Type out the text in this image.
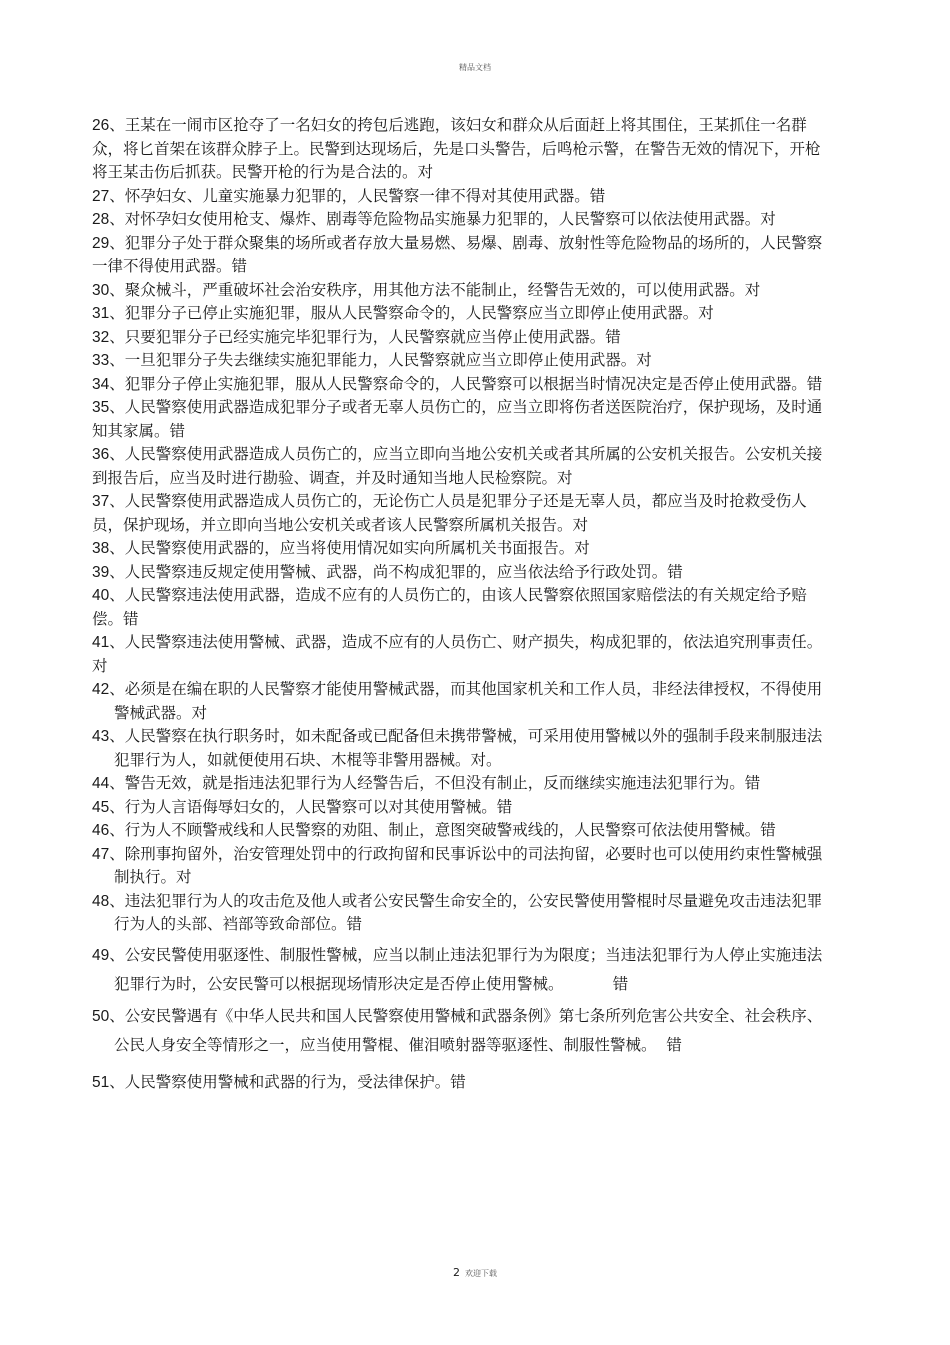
精品文档

26、王某在一闹市区抢夺了一名妇女的挎包后逃跑，该妇女和群众从后面赶上将其围住，王某抓住一名群众，将匕首架在该群众脖子上。民警到达现场后，先是口头警告，后鸣枪示警，在警告无效的情况下，开枪将王某击伤后抓获。民警开枪的行为是合法的。对

27、怀孕妇女、儿童实施暴力犯罪的，人民警察一律不得对其使用武器。错

28、对怀孕妇女使用枪支、爆炸、剧毒等危险物品实施暴力犯罪的，人民警察可以依法使用武器。对

29、犯罪分子处于群众聚集的场所或者存放大量易燃、易爆、剧毒、放射性等危险物品的场所的，人民警察一律不得使用武器。错

30、聚众械斗，严重破坏社会治安秩序，用其他方法不能制止，经警告无效的，可以使用武器。对

31、犯罪分子已停止实施犯罪，服从人民警察命令的，人民警察应当立即停止使用武器。对

32、只要犯罪分子已经实施完毕犯罪行为，人民警察就应当停止使用武器。错

33、一旦犯罪分子失去继续实施犯罪能力，人民警察就应当立即停止使用武器。对

34、犯罪分子停止实施犯罪，服从人民警察命令的，人民警察可以根据当时情况决定是否停止使用武器。错

35、人民警察使用武器造成犯罪分子或者无辜人员伤亡的，应当立即将伤者送医院治疗，保护现场，及时通知其家属。错

36、人民警察使用武器造成人员伤亡的，应当立即向当地公安机关或者其所属的公安机关报告。公安机关接到报告后，应当及时进行勘验、调查，并及时通知当地人民检察院。对

37、人民警察使用武器造成人员伤亡的，无论伤亡人员是犯罪分子还是无辜人员，都应当及时抢救受伤人员，保护现场，并立即向当地公安机关或者该人民警察所属机关报告。对

38、人民警察使用武器的，应当将使用情况如实向所属机关书面报告。对

39、人民警察违反规定使用警械、武器，尚不构成犯罪的，应当依法给予行政处罚。错

40、人民警察违法使用武器，造成不应有的人员伤亡的，由该人民警察依照国家赔偿法的有关规定给予赔偿。错

41、人民警察违法使用警械、武器，造成不应有的人员伤亡、财产损失，构成犯罪的，依法追究刑事责任。对

42、必须是在编在职的人民警察才能使用警械武器，而其他国家机关和工作人员，非经法律授权，不得使用警械武器。对

43、人民警察在执行职务时，如未配备或已配备但未携带警械，可采用使用警械以外的强制手段来制服违法犯罪行为人，如就便使用石块、木棍等非警用器械。对。

44、警告无效，就是指违法犯罪行为人经警告后，不但没有制止，反而继续实施违法犯罪行为。错

45、行为人言语侮辱妇女的，人民警察可以对其使用警械。错

46、行为人不顾警戒线和人民警察的劝阻、制止，意图突破警戒线的，人民警察可依法使用警械。错

47、除刑事拘留外，治安管理处罚中的行政拘留和民事诉讼中的司法拘留，必要时也可以使用约束性警械强制执行。对

48、违法犯罪行为人的攻击危及他人或者公安民警生命安全的，公安民警使用警棍时尽量避免攻击违法犯罪行为人的头部、裆部等致命部位。错

49、公安民警使用驱逐性、制服性警械，应当以制止违法犯罪行为为限度；当违法犯罪行为人停止实施违法犯罪行为时，公安民警可以根据现场情形决定是否停止使用警械。          错

50、公安民警遇有《中华人民共和国人民警察使用警械和武器条例》第七条所列危害公共安全、社会秩序、公民人身安全等情形之一，应当使用警棍、催泪喷射器等驱逐性、制服性警械。  错

51、人民警察使用警械和武器的行为，受法律保护。错

2 欢迎下载
